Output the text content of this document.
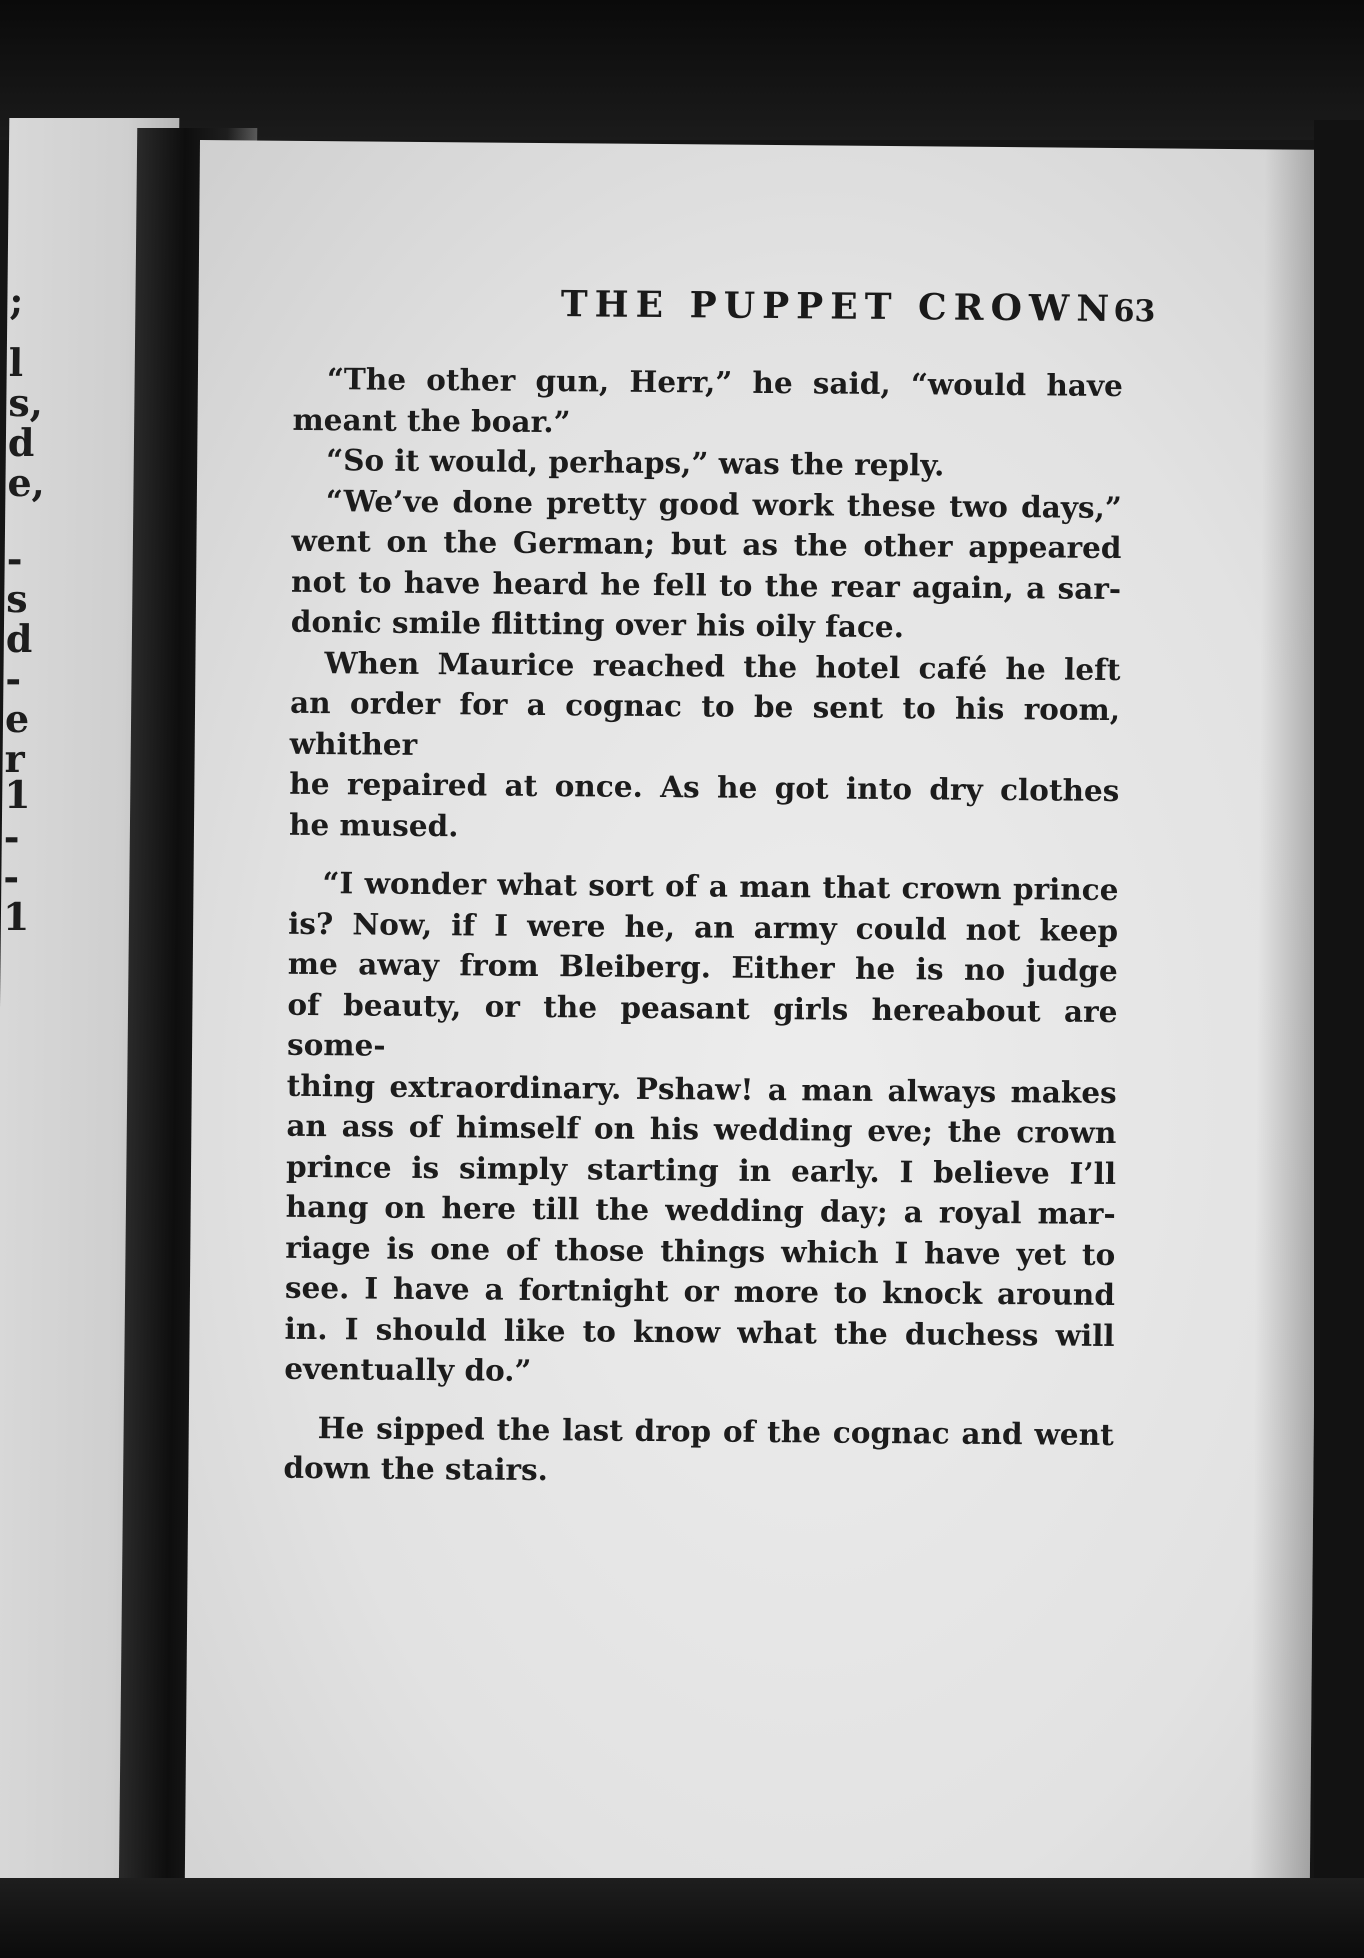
;
l
s,
d
e,
-
s
d
-
e
r
1
-
-
1
THE PUPPET CROWN
63

“The other gun, Herr,” he said, “would have
meant the boar.”

“So it would, perhaps,” was the reply.

“We’ve done pretty good work these two days,”
went on the German; but as the other appeared
not to have heard he fell to the rear again, a sar-
donic smile flitting over his oily face.

When Maurice reached the hotel café he left
an order for a cognac to be sent to his room, whither
he repaired at once. As he got into dry clothes
he mused.

“I wonder what sort of a man that crown prince
is? Now, if I were he, an army could not keep
me away from Bleiberg. Either he is no judge
of beauty, or the peasant girls hereabout are some-
thing extraordinary. Pshaw! a man always makes
an ass of himself on his wedding eve; the crown
prince is simply starting in early. I believe I’ll
hang on here till the wedding day; a royal mar-
riage is one of those things which I have yet to
see. I have a fortnight or more to knock around
in. I should like to know what the duchess will
eventually do.”

He sipped the last drop of the cognac and went
down the stairs.
